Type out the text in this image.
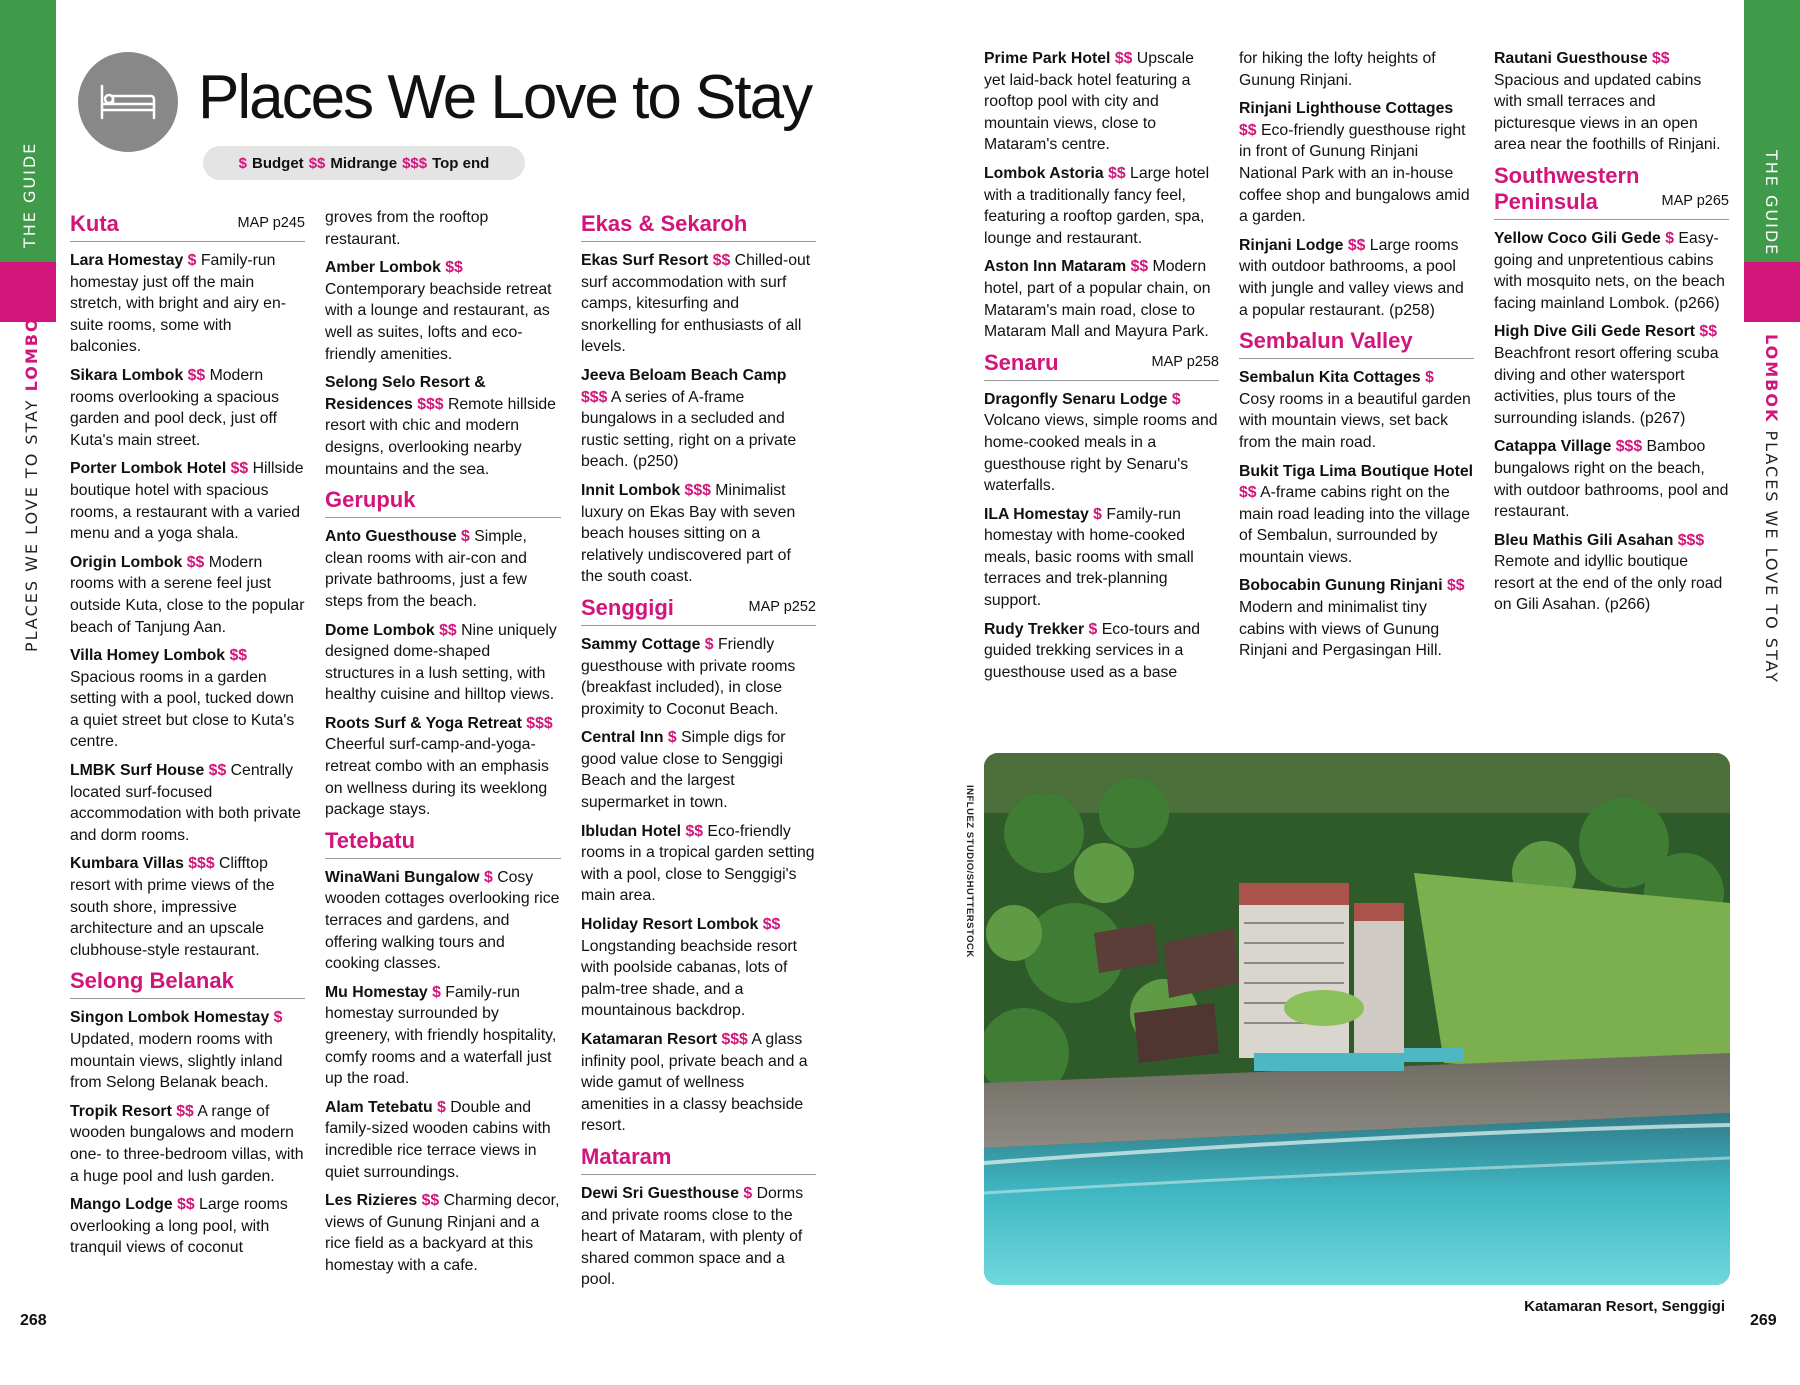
THE GUIDE	THE GUIDE
PLACES WE LOVE TO STAY LOMBOK	LOMBOK PLACES WE LOVE TO STAY
268	269
Places We Love to Stay
$ Budget $$ Midrange $$$ Top end
Kuta	MAP p245
Lara Homestay $ Family-run homestay just off the main stretch, with bright and airy en-suite rooms, some with balconies.
Sikara Lombok $$ Modern rooms overlooking a spacious garden and pool deck, just off Kuta's main street.
Porter Lombok Hotel $$ Hillside boutique hotel with spacious rooms, a restaurant with a varied menu and a yoga shala.
Origin Lombok $$ Modern rooms with a serene feel just outside Kuta, close to the popular beach of Tanjung Aan.
Villa Homey Lombok $$ Spacious rooms in a garden setting with a pool, tucked down a quiet street but close to Kuta's centre.
LMBK Surf House $$ Centrally located surf-focused accommodation with both private and dorm rooms.
Kumbara Villas $$$ Clifftop resort with prime views of the south shore, impressive architecture and an upscale clubhouse-style restaurant.
Selong Belanak
Singon Lombok Homestay $ Updated, modern rooms with mountain views, slightly inland from Selong Belanak beach.
Tropik Resort $$ A range of wooden bungalows and modern one- to three-bedroom villas, with a huge pool and lush garden.
Mango Lodge $$ Large rooms overlooking a long pool, with tranquil views of coconut
groves from the rooftop restaurant.
Amber Lombok $$ Contemporary beachside retreat with a lounge and restaurant, as well as suites, lofts and eco-friendly amenities.
Selong Selo Resort & Residences $$$ Remote hillside resort with chic and modern designs, overlooking nearby mountains and the sea.
Gerupuk
Anto Guesthouse $ Simple, clean rooms with air-con and private bathrooms, just a few steps from the beach.
Dome Lombok $$ Nine uniquely designed dome-shaped structures in a lush setting, with healthy cuisine and hilltop views.
Roots Surf & Yoga Retreat $$$ Cheerful surf-camp-and-yoga-retreat combo with an emphasis on wellness during its weeklong package stays.
Tetebatu
WinaWani Bungalow $ Cosy wooden cottages overlooking rice terraces and gardens, and offering walking tours and cooking classes.
Mu Homestay $ Family-run homestay surrounded by greenery, with friendly hospitality, comfy rooms and a waterfall just up the road.
Alam Tetebatu $ Double and family-sized wooden cabins with incredible rice terrace views in quiet surroundings.
Les Rizieres $$ Charming decor, views of Gunung Rinjani and a rice field as a backyard at this homestay with a cafe.
Ekas & Sekaroh
Ekas Surf Resort $$ Chilled-out surf accommodation with surf camps, kitesurfing and snorkelling for enthusiasts of all levels.
Jeeva Beloam Beach Camp $$$ A series of A-frame bungalows in a secluded and rustic setting, right on a private beach. (p250)
Innit Lombok $$$ Minimalist luxury on Ekas Bay with seven beach houses sitting on a relatively undiscovered part of the south coast.
Senggigi	MAP p252
Sammy Cottage $ Friendly guesthouse with private rooms (breakfast included), in close proximity to Coconut Beach.
Central Inn $ Simple digs for good value close to Senggigi Beach and the largest supermarket in town.
Ibludan Hotel $$ Eco-friendly rooms in a tropical garden setting with a pool, close to Senggigi's main area.
Holiday Resort Lombok $$ Longstanding beachside resort with poolside cabanas, lots of palm-tree shade, and a mountainous backdrop.
Katamaran Resort $$$ A glass infinity pool, private beach and a wide gamut of wellness amenities in a classy beachside resort.
Mataram
Dewi Sri Guesthouse $ Dorms and private rooms close to the heart of Mataram, with plenty of shared common space and a pool.
Prime Park Hotel $$ Upscale yet laid-back hotel featuring a rooftop pool with city and mountain views, close to Mataram's centre.
Lombok Astoria $$ Large hotel with a traditionally fancy feel, featuring a rooftop garden, spa, lounge and restaurant.
Aston Inn Mataram $$ Modern hotel, part of a popular chain, on Mataram's main road, close to Mataram Mall and Mayura Park.
Senaru	MAP p258
Dragonfly Senaru Lodge $ Volcano views, simple rooms and home-cooked meals in a guesthouse right by Senaru's waterfalls.
ILA Homestay $ Family-run homestay with home-cooked meals, basic rooms with small terraces and trek-planning support.
Rudy Trekker $ Eco-tours and guided trekking services in a guesthouse used as a base
for hiking the lofty heights of Gunung Rinjani.
Rinjani Lighthouse Cottages $$ Eco-friendly guesthouse right in front of Gunung Rinjani National Park with an in-house coffee shop and bungalows amid a garden.
Rinjani Lodge $$ Large rooms with outdoor bathrooms, a pool with jungle and valley views and a popular restaurant. (p258)
Sembalun Valley
Sembalun Kita Cottages $ Cosy rooms in a beautiful garden with mountain views, set back from the main road.
Bukit Tiga Lima Boutique Hotel $$ A-frame cabins right on the main road leading into the village of Sembalun, surrounded by mountain views.
Bobocabin Gunung Rinjani $$ Modern and minimalist tiny cabins with views of Gunung Rinjani and Pergasingan Hill.
Rautani Guesthouse $$ Spacious and updated cabins with small terraces and picturesque views in an open area near the foothills of Rinjani.
Southwestern Peninsula	MAP p265
Yellow Coco Gili Gede $ Easy-going and unpretentious cabins with mosquito nets, on the beach facing mainland Lombok. (p266)
High Dive Gili Gede Resort $$ Beachfront resort offering scuba diving and other watersport activities, plus tours of the surrounding islands. (p267)
Catappa Village $$$ Bamboo bungalows right on the beach, with outdoor bathrooms, pool and restaurant.
Bleu Mathis Gili Asahan $$$ Remote and idyllic boutique resort at the end of the only road on Gili Asahan. (p266)
INFLUEZ STUDIO/SHUTTERSTOCK
Katamaran Resort, Senggigi
